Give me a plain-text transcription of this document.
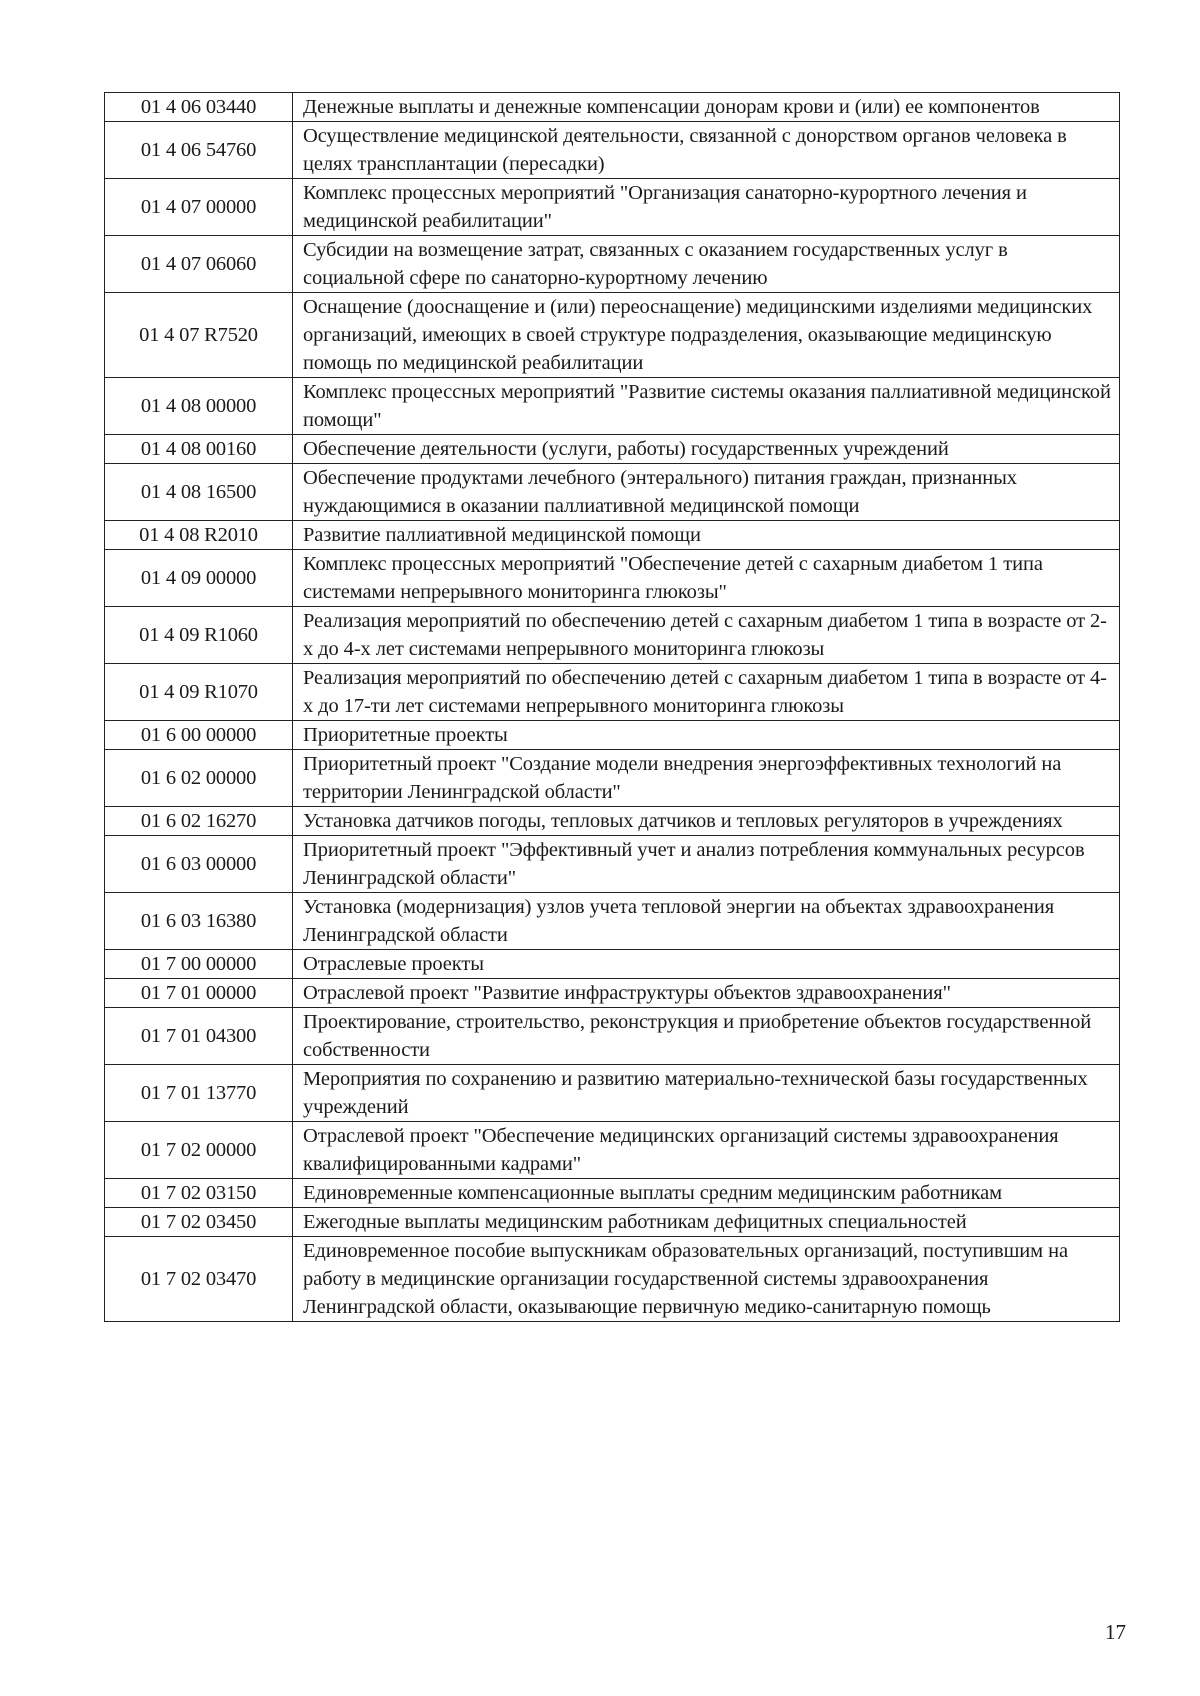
01 4 06 03440	Денежные выплаты и денежные компенсации донорам крови и (или) ее компонентов
01 4 06 54760	Осуществление медицинской деятельности, связанной с донорством органов человека в целях трансплантации (пересадки)
01 4 07 00000	Комплекс процессных мероприятий "Организация санаторно-курортного лечения и медицинской реабилитации"
01 4 07 06060	Субсидии на возмещение затрат, связанных с оказанием государственных услуг в социальной сфере по санаторно-курортному лечению
01 4 07 R7520	Оснащение (дооснащение и (или) переоснащение) медицинскими изделиями медицинских организаций, имеющих в своей структуре подразделения, оказывающие медицинскую помощь по медицинской реабилитации
01 4 08 00000	Комплекс процессных мероприятий "Развитие системы оказания паллиативной медицинской помощи"
01 4 08 00160	Обеспечение деятельности (услуги, работы) государственных учреждений
01 4 08 16500	Обеспечение продуктами лечебного (энтерального) питания граждан, признанных нуждающимися в оказании паллиативной медицинской помощи
01 4 08 R2010	Развитие паллиативной медицинской помощи
01 4 09 00000	Комплекс процессных мероприятий "Обеспечение детей с сахарным диабетом 1 типа системами непрерывного мониторинга глюкозы"
01 4 09 R1060	Реализация мероприятий по обеспечению детей с сахарным диабетом 1 типа в возрасте от 2-х до 4-х лет системами непрерывного мониторинга глюкозы
01 4 09 R1070	Реализация мероприятий по обеспечению детей с сахарным диабетом 1 типа в возрасте от 4-х до 17-ти лет системами непрерывного мониторинга глюкозы
01 6 00 00000	Приоритетные проекты
01 6 02 00000	Приоритетный проект "Создание модели внедрения энергоэффективных технологий на территории Ленинградской области"
01 6 02 16270	Установка датчиков погоды, тепловых датчиков и тепловых регуляторов в учреждениях
01 6 03 00000	Приоритетный проект "Эффективный учет и анализ потребления коммунальных ресурсов Ленинградской области"
01 6 03 16380	Установка (модернизация) узлов учета тепловой энергии на объектах здравоохранения Ленинградской области
01 7 00 00000	Отраслевые проекты
01 7 01 00000	Отраслевой проект "Развитие инфраструктуры объектов здравоохранения"
01 7 01 04300	Проектирование, строительство, реконструкция и приобретение объектов государственной собственности
01 7 01 13770	Мероприятия по сохранению и развитию материально-технической базы государственных учреждений
01 7 02 00000	Отраслевой проект "Обеспечение медицинских организаций системы здравоохранения квалифицированными кадрами"
01 7 02 03150	Единовременные компенсационные выплаты средним медицинским работникам
01 7 02 03450	Ежегодные выплаты медицинским работникам дефицитных специальностей
01 7 02 03470	Единовременное пособие выпускникам образовательных организаций, поступившим на работу в медицинские организации государственной системы здравоохранения Ленинградской области, оказывающие первичную медико-санитарную помощь
17
